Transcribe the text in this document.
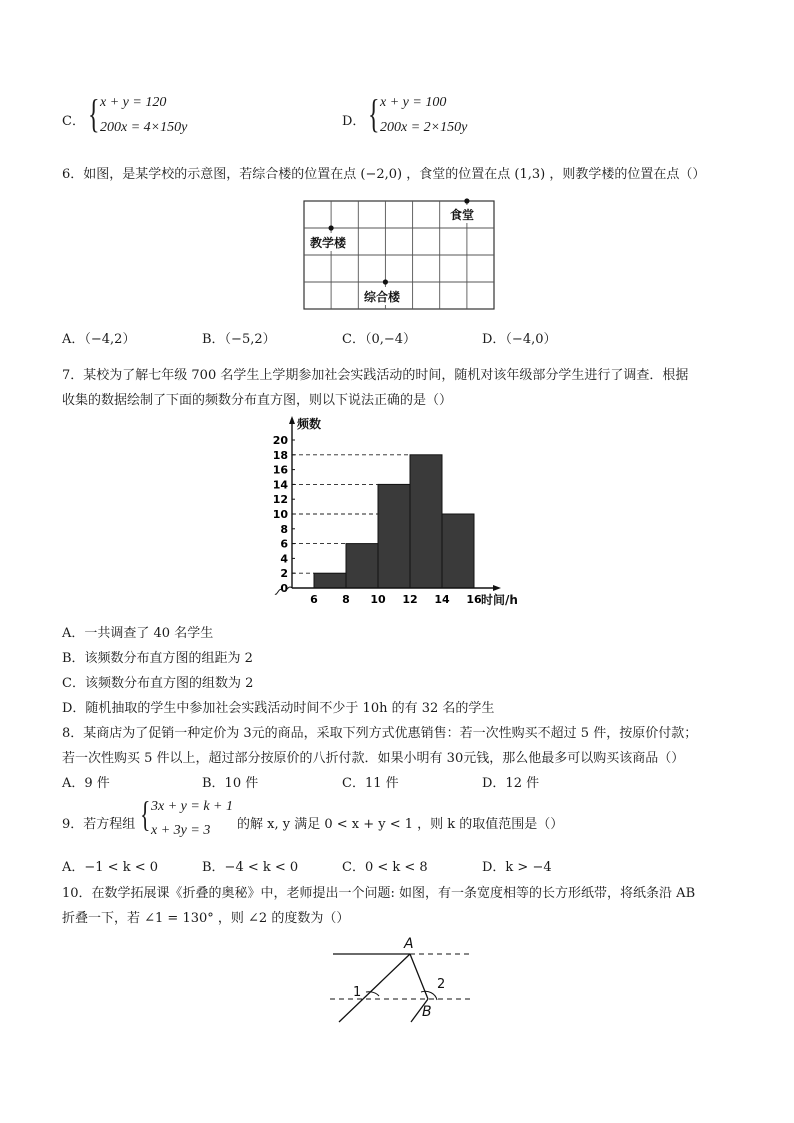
C． { x + y = 120
200x = 4×150y	D． { x + y = 100
200x = 2×150y
6．如图，是某学校的示意图，若综合楼的位置在点 (−2,0) ，食堂的位置在点 (1,3) ，则教学楼的位置在点（）
食堂
教学楼
综合楼
A．（−4,2）	B．（−5,2）	C．（0,−4）	D．（−4,0）
7．某校为了解七年级 700 名学生上学期参加社会实践活动的时间，随机对该年级部分学生进行了调查．根据
收集的数据绘制了下面的频数分布直方图，则以下说法正确的是（）
0
2
4
6
8
10
12
14
16
18
20
6 8 10 12 14 16
频数
时间/h
A．一共调查了 40 名学生
B．该频数分布直方图的组距为 2
C．该频数分布直方图的组数为 2
D．随机抽取的学生中参加社会实践活动时间不少于 10h 的有 32 名的学生
8．某商店为了促销一种定价为 3元的商品，采取下列方式优惠销售：若一次性购买不超过 5 件，按原价付款；
若一次性购买 5 件以上，超过部分按原价的八折付款．如果小明有 30元钱，那么他最多可以购买该商品（）
A．9 件	B．10 件	C．11 件	D．12 件
9．若方程组 { 3x + y = k + 1
x + 3y = 3 的解 x, y 满足 0 < x + y < 1 ，则 k 的取值范围是（）
A．−1 < k < 0	B．−4 < k < 0	C．0 < k < 8	D．k > −4
10．在数学拓展课《折叠的奥秘》中，老师提出一个问题: 如图，有一条宽度相等的长方形纸带，将纸条沿 AB
折叠一下，若 ∠1 = 130° ，则 ∠2 的度数为（）
A
B
1
2
